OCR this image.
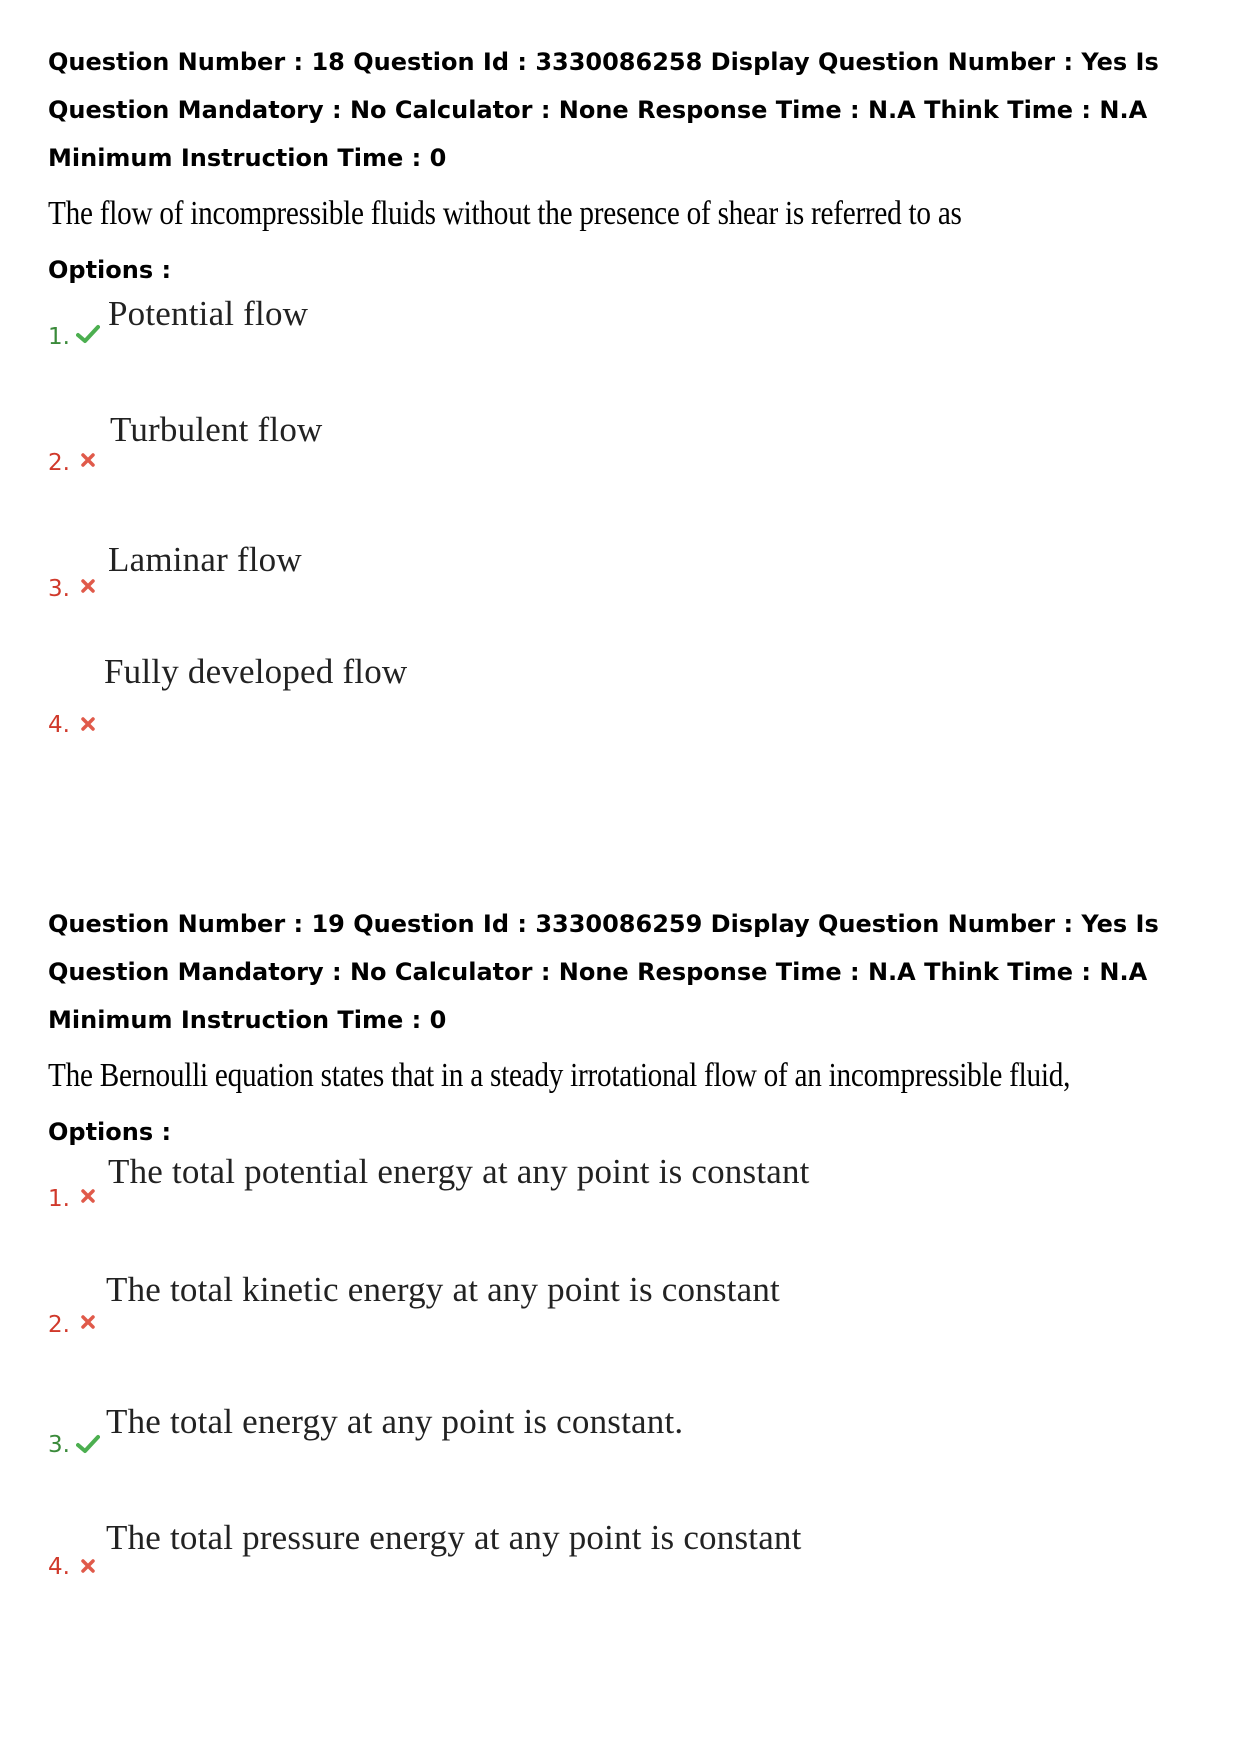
Question Number : 18 Question Id : 3330086258 Display Question Number : Yes Is Question Mandatory : No Calculator : None Response Time : N.A Think Time : N.A Minimum Instruction Time : 0
The flow of incompressible fluids without the presence of shear is referred to as
Options :
1.
Potential flow
2.
Turbulent flow
3.
Laminar flow
4.
Fully developed flow
Question Number : 19 Question Id : 3330086259 Display Question Number : Yes Is Question Mandatory : No Calculator : None Response Time : N.A Think Time : N.A Minimum Instruction Time : 0
The Bernoulli equation states that in a steady irrotational flow of an incompressible fluid,
Options :
1.
The total potential energy at any point is constant
2.
The total kinetic energy at any point is constant
3.
The total energy at any point is constant.
4.
The total pressure energy at any point is constant
